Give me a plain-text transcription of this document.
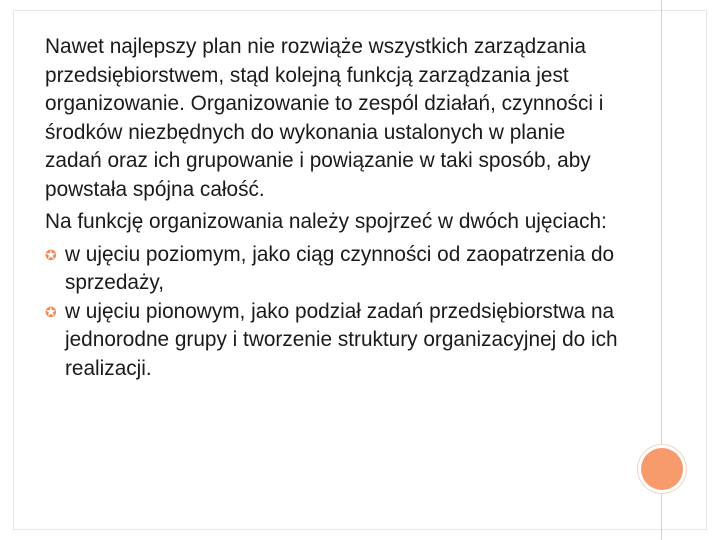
Nawet najlepszy plan nie rozwiąże wszystkich zarządzania przedsiębiorstwem, stąd kolejną funkcją zarządzania jest organizowanie. Organizowanie to zespól działań, czynności i środków niezbędnych do wykonania ustalonych w planie zadań oraz ich grupowanie i powiązanie w taki sposób, aby powstała spójna całość.

Na funkcję organizowania należy spojrzeć w dwóch ujęciach:

✪ w ujęciu poziomym, jako ciąg czynności od zaopatrzenia do sprzedaży,

✪ w ujęciu pionowym, jako podział zadań przedsiębiorstwa na jednorodne grupy i tworzenie struktury organizacyjnej do ich realizacji.
